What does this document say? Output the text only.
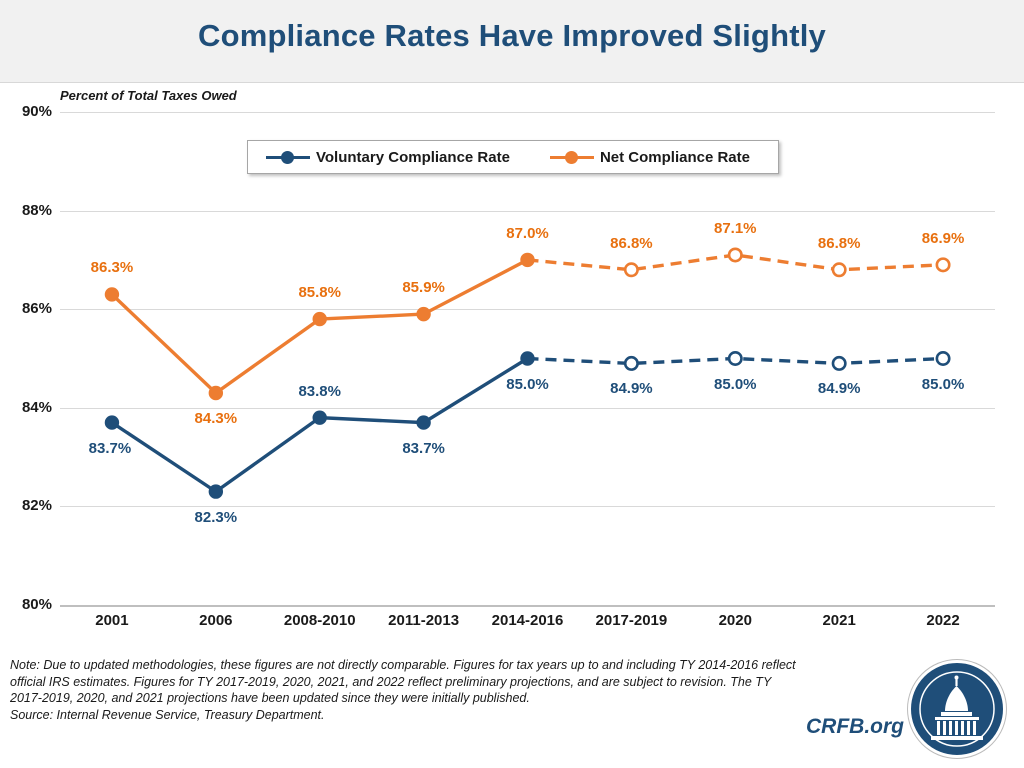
Compliance Rates Have Improved Slightly
Percent of Total Taxes Owed
80%
82%
84%
86%
88%
90%
2001	2006	2008-2010 2011-2013 2014-2016 2017-2019	2020	2021	2022
83.7%
82.3%
83.8%
83.7%
85.0%	84.9%	85.0%	84.9%	85.0%
86.3%
84.3%
85.8%	85.9%
87.0%
86.8%
87.1%
86.8%	86.9%
Voluntary Compliance Rate	Net Compliance Rate
Note: Due to updated methodologies, these figures are not directly comparable. Figures for tax years up to and including TY 2014-2016 reflect official IRS estimates. Figures for TY 2017-2019, 2020, 2021, and 2022 reflect preliminary projections, and are subject to revision. The TY 2017-2019, 2020, and 2021 projections have been updated since they were initially published.
Source: Internal Revenue Service, Treasury Department.
CRFB.org
